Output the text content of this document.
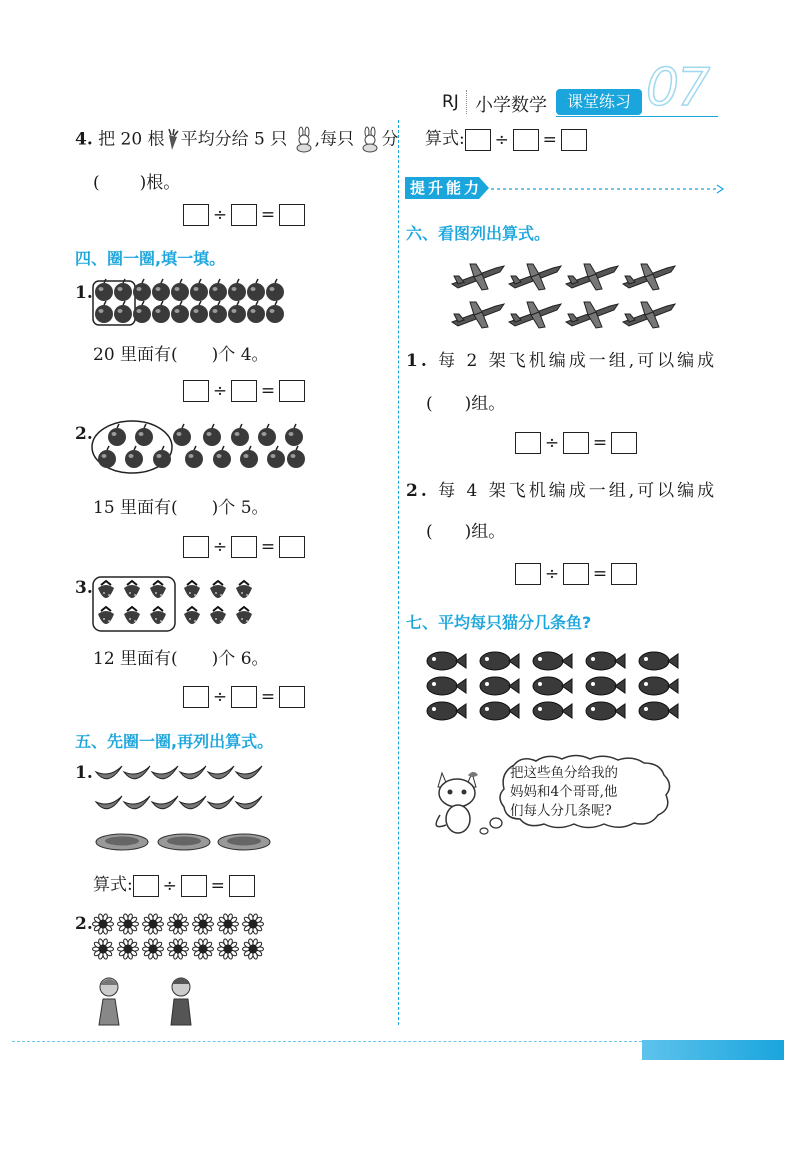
RJ 小学数学	课堂练习 07
4. 把 20 根 平均分给 5 只 ,每只 分
( )根。
÷ =
四、圈一圈,填一填。
1.
20 里面有( )个 4。
÷ =
2.
15 里面有( )个 5。
÷ =
3.
12 里面有( )个 6。
÷ =
五、先圈一圈,再列出算式。
1.
算式: ÷ =
2.
算式: ÷ =
提升能力
六、看图列出算式。
1. 每 2 架飞机编成一组,可以编成
( )组。
÷ =
2. 每 4 架飞机编成一组,可以编成
( )组。
÷ =
七、平均每只猫分几条鱼?
把这些鱼分给我的
妈妈和4个哥哥,他
们每人分几条呢?
